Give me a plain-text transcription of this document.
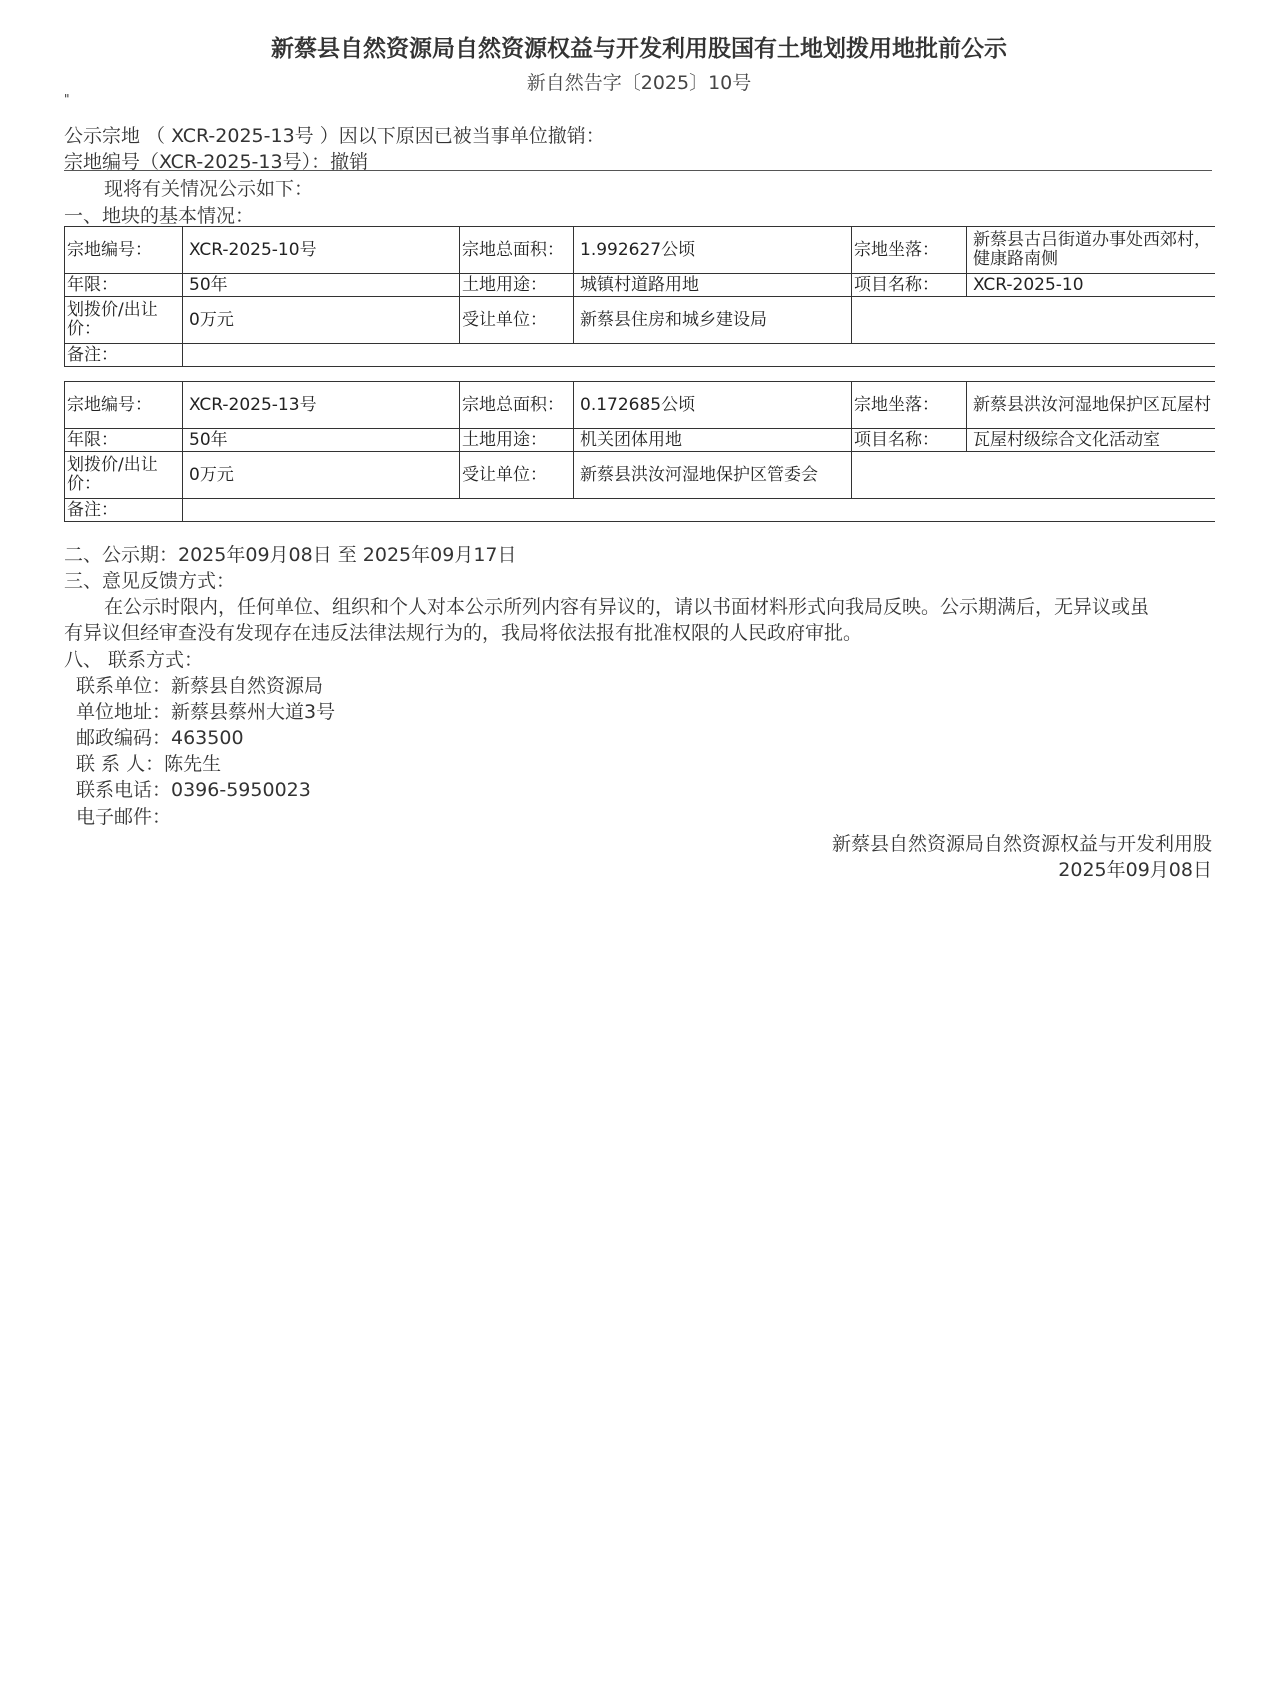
新蔡县自然资源局自然资源权益与开发利用股国有土地划拨用地批前公示
新自然告字〔2025〕10号
"
公示宗地 （ XCR-2025-13号 ）因以下原因已被当事单位撤销：
宗地编号（XCR-2025-13号）：撤销
现将有关情况公示如下：
一、地块的基本情况：
宗地编号：	XCR-2025-10号	宗地总面积：	1.992627公顷	宗地坐落：	新蔡县古吕街道办事处西郊村，健康路南侧
年限：	50年	土地用途：	城镇村道路用地	项目名称：	XCR-2025-10
划拨价/出让价：	0万元	受让单位：	新蔡县住房和城乡建设局		
备注：					
宗地编号：	XCR-2025-13号	宗地总面积：	0.172685公顷	宗地坐落：	新蔡县洪汝河湿地保护区瓦屋村
年限：	50年	土地用途：	机关团体用地	项目名称：	瓦屋村级综合文化活动室
划拨价/出让价：	0万元	受让单位：	新蔡县洪汝河湿地保护区管委会		
备注：					
二、公示期：2025年09月08日 至 2025年09月17日
三、意见反馈方式：
在公示时限内，任何单位、组织和个人对本公示所列内容有异议的，请以书面材料形式向我局反映。公示期满后，无异议或虽
有异议但经审查没有发现存在违反法律法规行为的，我局将依法报有批准权限的人民政府审批。
八、 联系方式：
联系单位：新蔡县自然资源局
单位地址：新蔡县蔡州大道3号
邮政编码：463500
联 系 人：陈先生
联系电话：0396-5950023
电子邮件：
新蔡县自然资源局自然资源权益与开发利用股
2025年09月08日
